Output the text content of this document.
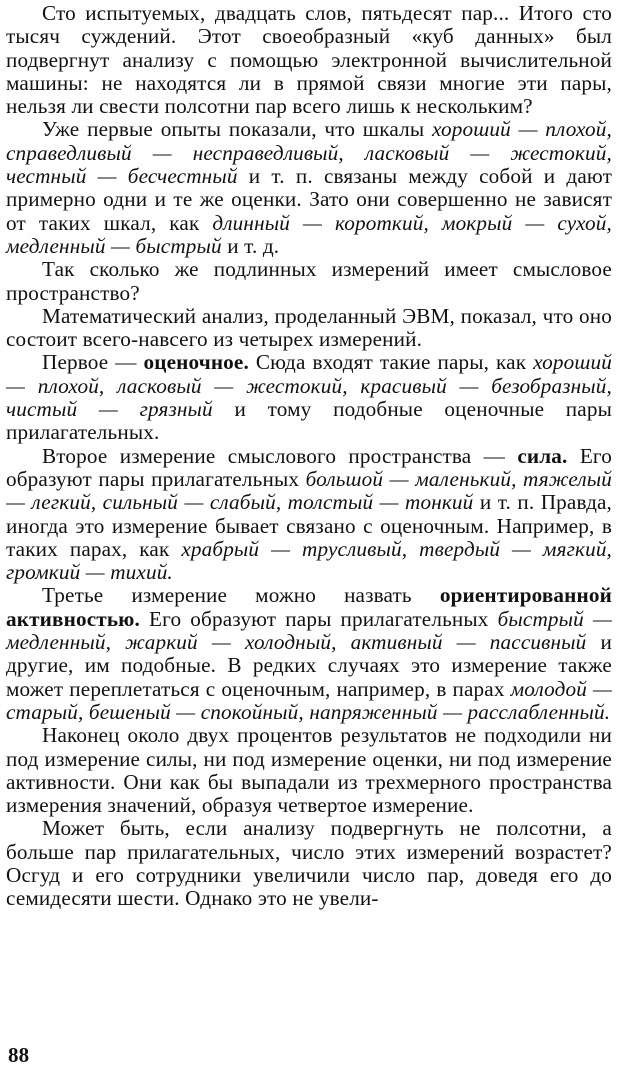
Сто испытуемых, двадцать слов, пятьдесят пар... Итого сто тысяч суждений. Этот своеобразный «куб данных» был подвергнут анализу с помощью электронной вычислительной машины: не находятся ли в прямой связи многие эти пары, нельзя ли свести полсотни пар всего лишь к нескольким?

Уже первые опыты показали, что шкалы хороший — плохой, справедливый — несправедливый, ласковый — жестокий, честный — бесчестный и т. п. связаны между собой и дают примерно одни и те же оценки. Зато они совершенно не зависят от таких шкал, как длинный — короткий, мокрый — сухой, медленный — быстрый и т. д.

Так сколько же подлинных измерений имеет смысловое пространство?

Математический анализ, проделанный ЭВМ, показал, что оно состоит всего-навсего из четырех измерений.

Первое — оценочное. Сюда входят такие пары, как хороший — плохой, ласковый — жестокий, красивый — безобразный, чистый — грязный и тому подобные оценочные пары прилагательных.

Второе измерение смыслового пространства — сила. Его образуют пары прилагательных большой — маленький, тяжелый — легкий, сильный — слабый, толстый — тонкий и т. п. Правда, иногда это измерение бывает связано с оценочным. Например, в таких парах, как храбрый — трусливый, твердый — мягкий, громкий — тихий.

Третье измерение можно назвать ориентированной активностью. Его образуют пары прилагательных быстрый — медленный, жаркий — холодный, активный — пассивный и другие, им подобные. В редких случаях это измерение также может переплетаться с оценочным, например, в парах молодой — старый, бешеный — спокойный, напряженный — расслабленный.

Наконец около двух процентов результатов не подходили ни под измерение силы, ни под измерение оценки, ни под измерение активности. Они как бы выпадали из трехмерного пространства измерения значений, образуя четвертое измерение.

Может быть, если анализу подвергнуть не полсотни, а больше пар прилагательных, число этих измерений возрастет? Осгуд и его сотрудники увеличили число пар, доведя его до семидесяти шести. Однако это не увели-

88
